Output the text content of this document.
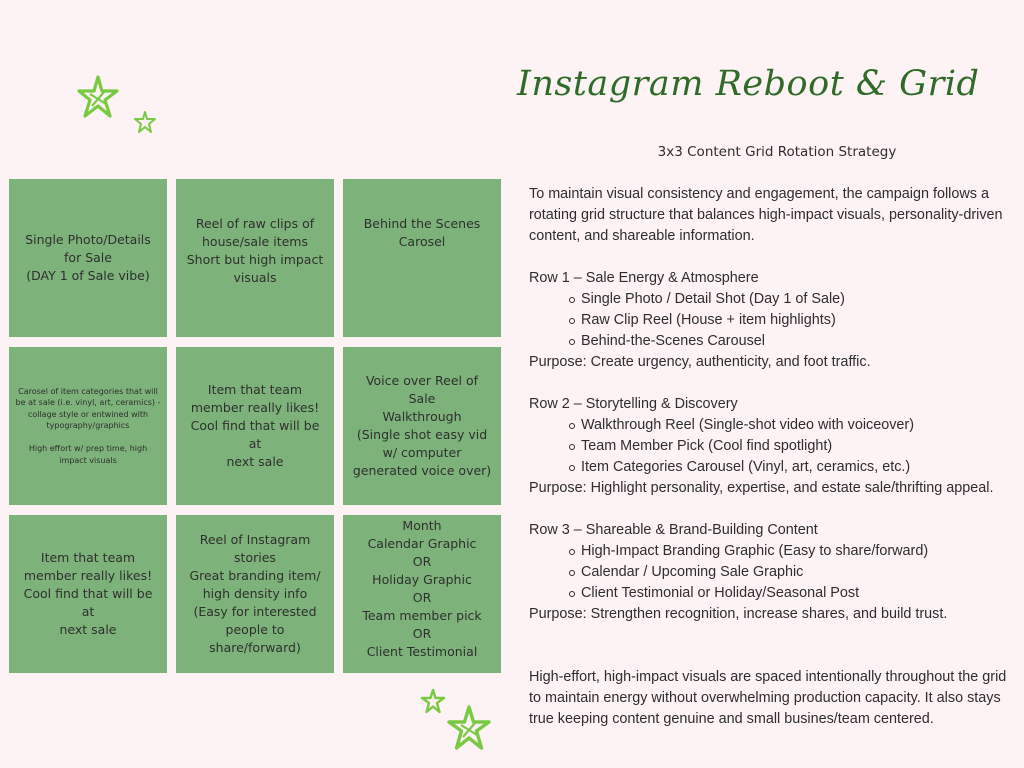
Single Photo/Details
for Sale
(DAY 1 of Sale vibe)
Reel of raw clips of
house/sale items
Short but high impact
visuals
Behind the Scenes
Carosel
Carosel of item categories that will be at sale (i.e. vinyl, art, ceramics) - collage style or entwined with typography/graphics

High effort w/ prep time, high impact visuals
Item that team
member really likes!
Cool find that will be at
next sale
Voice over Reel of Sale
Walkthrough
(Single shot easy vid
w/ computer
generated voice over)
Item that team
member really likes!
Cool find that will be at
next sale
Reel of Instagram
stories
Great branding item/
high density info
(Easy for interested
people to
share/forward)
Month
Calendar Graphic
OR
Holiday Graphic
OR
Team member pick
OR
Client Testimonial
Instagram Reboot & Grid
3x3 Content Grid Rotation Strategy

To maintain visual consistency and engagement, the campaign follows a rotating grid structure that balances high-impact visuals, personality-driven content, and shareable information.

Row 1 – Sale Energy & Atmosphere

Single Photo / Detail Shot (Day 1 of Sale)
Raw Clip Reel (House + item highlights)
Behind-the-Scenes Carousel

Purpose: Create urgency, authenticity, and foot traffic.

Row 2 – Storytelling & Discovery

Walkthrough Reel (Single-shot video with voiceover)
Team Member Pick (Cool find spotlight)
Item Categories Carousel (Vinyl, art, ceramics, etc.)

Purpose: Highlight personality, expertise, and estate sale/thrifting appeal.

Row 3 – Shareable & Brand-Building Content

High-Impact Branding Graphic (Easy to share/forward)
Calendar / Upcoming Sale Graphic
Client Testimonial or Holiday/Seasonal Post

Purpose: Strengthen recognition, increase shares, and build trust.

High-effort, high-impact visuals are spaced intentionally throughout the grid to maintain energy without overwhelming production capacity. It also stays true keeping content genuine and small busines/team centered.
